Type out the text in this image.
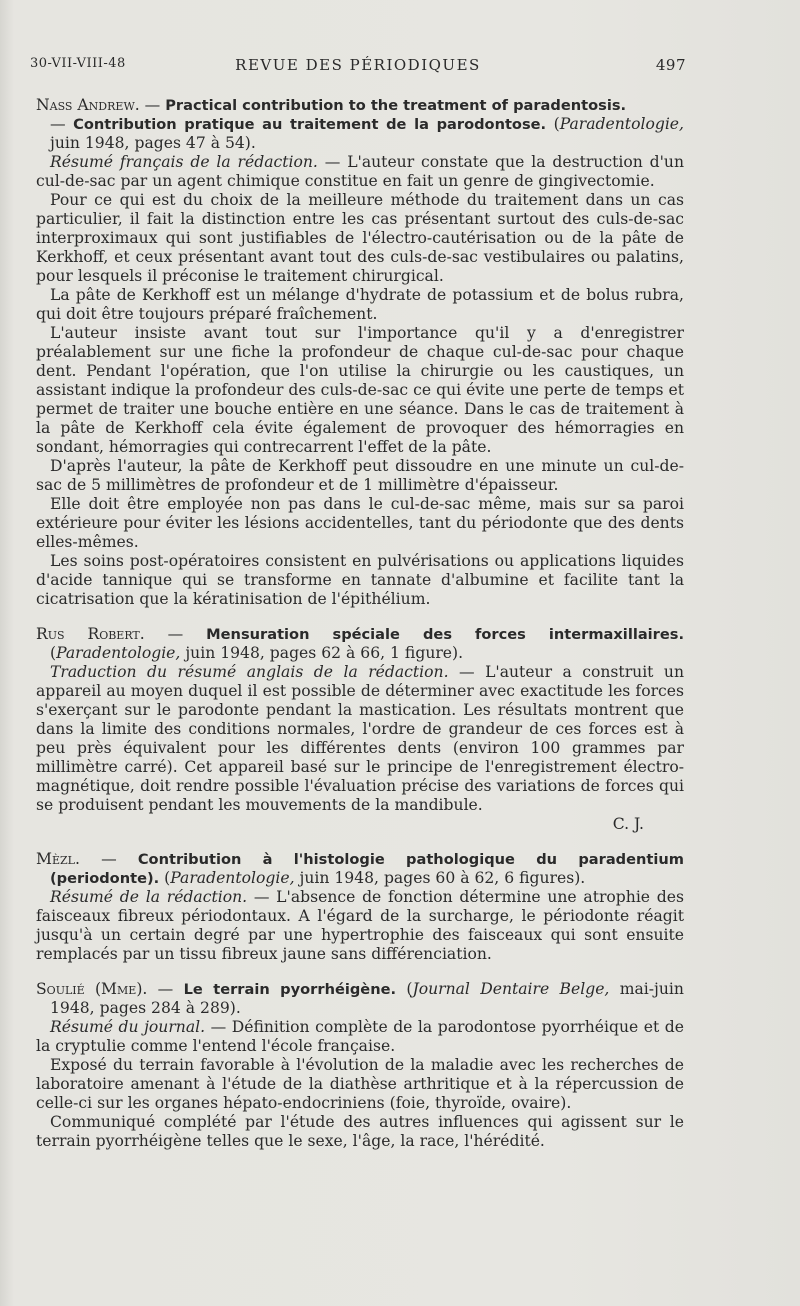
30-VII-VIII-48	REVUE DES PÉRIODIQUES	497

Nass Andrew. — Practical contribution to the treatment of paradentosis.
— Contribution pratique au traitement de la parodontose. (Paradentologie, juin 1948, pages 47 à 54).

Résumé français de la rédaction. — L'auteur constate que la destruction d'un cul-de-sac par un agent chimique constitue en fait un genre de gingivectomie.

Pour ce qui est du choix de la meilleure méthode du traitement dans un cas particulier, il fait la distinction entre les cas présentant surtout des culs-de-sac interproximaux qui sont justifiables de l'électro-cautérisation ou de la pâte de Kerkhoff, et ceux présentant avant tout des culs-de-sac vestibulaires ou palatins, pour lesquels il préconise le traitement chirurgical.

La pâte de Kerkhoff est un mélange d'hydrate de potassium et de bolus rubra, qui doit être toujours préparé fraîchement.

L'auteur insiste avant tout sur l'importance qu'il y a d'enregistrer préalablement sur une fiche la profondeur de chaque cul-de-sac pour chaque dent. Pendant l'opération, que l'on utilise la chirurgie ou les caustiques, un assistant indique la profondeur des culs-de-sac ce qui évite une perte de temps et permet de traiter une bouche entière en une séance. Dans le cas de traitement à la pâte de Kerkhoff cela évite également de provoquer des hémorragies en sondant, hémorragies qui contrecarrent l'effet de la pâte.

D'après l'auteur, la pâte de Kerkhoff peut dissoudre en une minute un cul-de-sac de 5 millimètres de profondeur et de 1 millimètre d'épaisseur.

Elle doit être employée non pas dans le cul-de-sac même, mais sur sa paroi extérieure pour éviter les lésions accidentelles, tant du périodonte que des dents elles-mêmes.

Les soins post-opératoires consistent en pulvérisations ou applications liquides d'acide tannique qui se transforme en tannate d'albumine et facilite tant la cicatrisation que la kératinisation de l'épithélium.

Rus Robert. — Mensuration spéciale des forces intermaxillaires. (Paradentologie, juin 1948, pages 62 à 66, 1 figure).

Traduction du résumé anglais de la rédaction. — L'auteur a construit un appareil au moyen duquel il est possible de déterminer avec exactitude les forces s'exerçant sur le parodonte pendant la mastication. Les résultats montrent que dans la limite des conditions normales, l'ordre de grandeur de ces forces est à peu près équivalent pour les différentes dents (environ 100 grammes par millimètre carré). Cet appareil basé sur le principe de l'enregistrement électro-magnétique, doit rendre possible l'évaluation précise des variations de forces qui se produisent pendant les mouvements de la mandibule.

C. J.

Mèzl. — Contribution à l'histologie pathologique du paradentium (periodonte). (Paradentologie, juin 1948, pages 60 à 62, 6 figures).

Résumé de la rédaction. — L'absence de fonction détermine une atrophie des faisceaux fibreux périodontaux. A l'égard de la surcharge, le périodonte réagit jusqu'à un certain degré par une hypertrophie des faisceaux qui sont ensuite remplacés par un tissu fibreux jaune sans différenciation.

Soulié (Mme). — Le terrain pyorrhéigène. (Journal Dentaire Belge, mai-juin 1948, pages 284 à 289).

Résumé du journal. — Définition complète de la parodontose pyorrhéique et de la cryptulie comme l'entend l'école française.

Exposé du terrain favorable à l'évolution de la maladie avec les recherches de laboratoire amenant à l'étude de la diathèse arthritique et à la répercussion de celle-ci sur les organes hépato-endocriniens (foie, thyroïde, ovaire).

Communiqué complété par l'étude des autres influences qui agissent sur le terrain pyorrhéigène telles que le sexe, l'âge, la race, l'hérédité.
